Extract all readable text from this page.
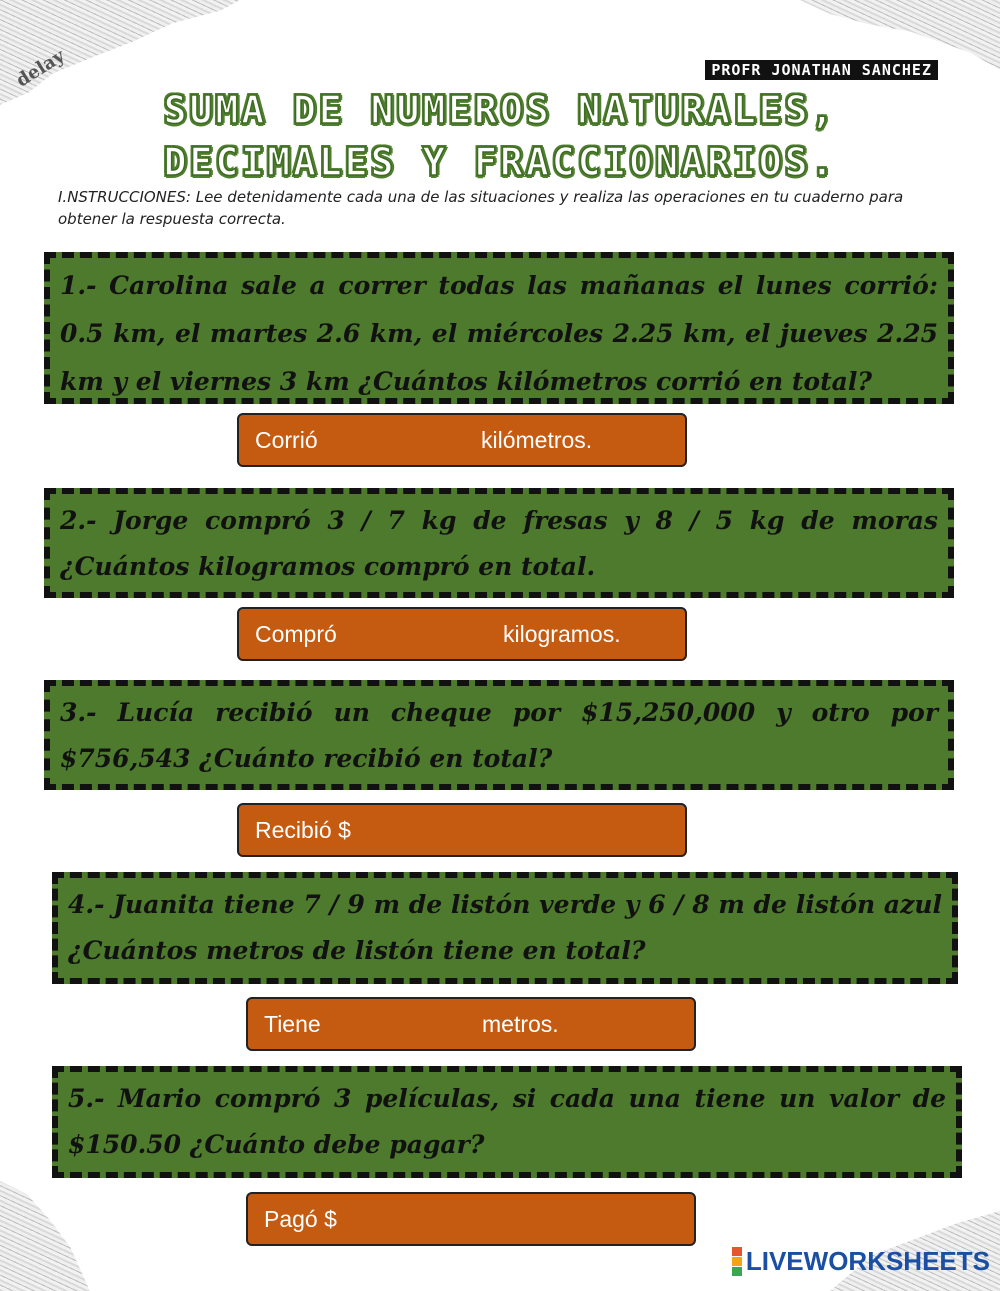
delay	PROFR JONATHAN SANCHEZ
SUMA DE NUMEROS NATURALES,
DECIMALES Y FRACCIONARIOS.
I.NSTRUCCIONES: Lee detenidamente cada una de las situaciones y realiza las operaciones en tu cuaderno para obtener la respuesta correcta.
1.- Carolina sale a correr todas las mañanas el lunes corrió: 0.5 km, el martes 2.6 km, el miércoles 2.25 km, el jueves 2.25 km y el viernes 3 km ¿Cuántos kilómetros corrió en total?
Corrió	kilómetros.
2.- Jorge compró 3 / 7 kg de fresas y 8 / 5 kg de moras ¿Cuántos kilogramos compró en total.
Compró	kilogramos.
3.- Lucía recibió un cheque por $15,250,000 y otro por $756,543 ¿Cuánto recibió en total?
Recibió $
4.- Juanita tiene 7 / 9 m de listón verde y 6 / 8 m de listón azul ¿Cuántos metros de listón tiene en total?
Tiene	metros.
5.- Mario compró 3 películas, si cada una tiene un valor de $150.50 ¿Cuánto debe pagar?
Pagó $
LIVEWORKSHEETS
